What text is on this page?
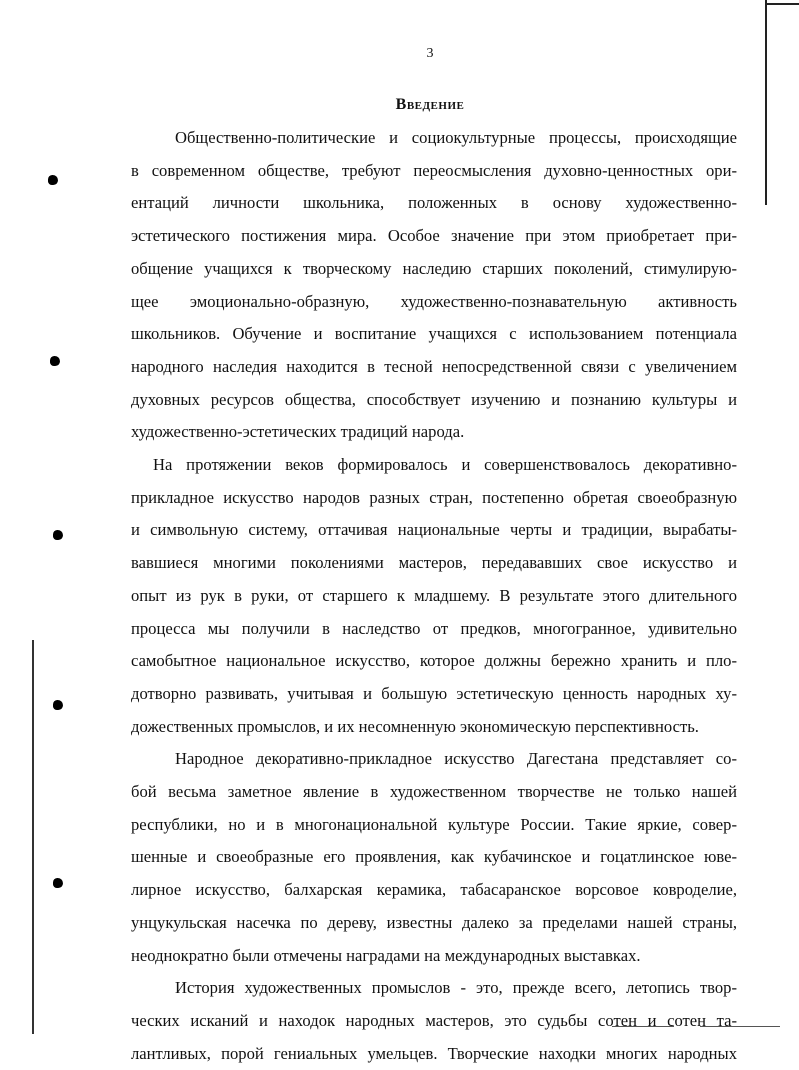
3
Введение

Общественно-политические и социокультурные процессы, происходящие
в современном обществе, требуют переосмысления духовно-ценностных ори-
ентаций личности школьника, положенных в основу художественно-
эстетического постижения мира. Особое значение при этом приобретает при-
общение учащихся к творческому наследию старших поколений, стимулирую-
щее эмоционально-образную, художественно-познавательную активность
школьников. Обучение и воспитание учащихся с использованием потенциала
народного наследия находится в тесной непосредственной связи с увеличением
духовных ресурсов общества, способствует изучению и познанию культуры и
художественно-эстетических традиций народа.

На протяжении веков формировалось и совершенствовалось декоративно-
прикладное искусство народов разных стран, постепенно обретая своеобразную
и символьную систему, оттачивая национальные черты и традиции, вырабаты-
вавшиеся многими поколениями мастеров, передававших свое искусство и
опыт из рук в руки, от старшего к младшему. В результате этого длительного
процесса мы получили в наследство от предков, многогранное, удивительно
самобытное национальное искусство, которое должны бережно хранить и пло-
дотворно развивать, учитывая и большую эстетическую ценность народных ху-
дожественных промыслов, и их несомненную экономическую перспективность.

Народное декоративно-прикладное искусство Дагестана представляет со-
бой весьма заметное явление в художественном творчестве не только нашей
республики, но и в многонациональной культуре России. Такие яркие, совер-
шенные и своеобразные его проявления, как кубачинское и гоцатлинское юве-
лирное искусство, балхарская керамика, табасаранское ворсовое ковроделие,
унцукульская насечка по дереву, известны далеко за пределами нашей страны,
неоднократно были отмечены наградами на международных выставках.

История художественных промыслов - это, прежде всего, летопись твор-
ческих исканий и находок народных мастеров, это судьбы сотен и сотен та-
лантливых, порой гениальных умельцев. Творческие находки многих народных
